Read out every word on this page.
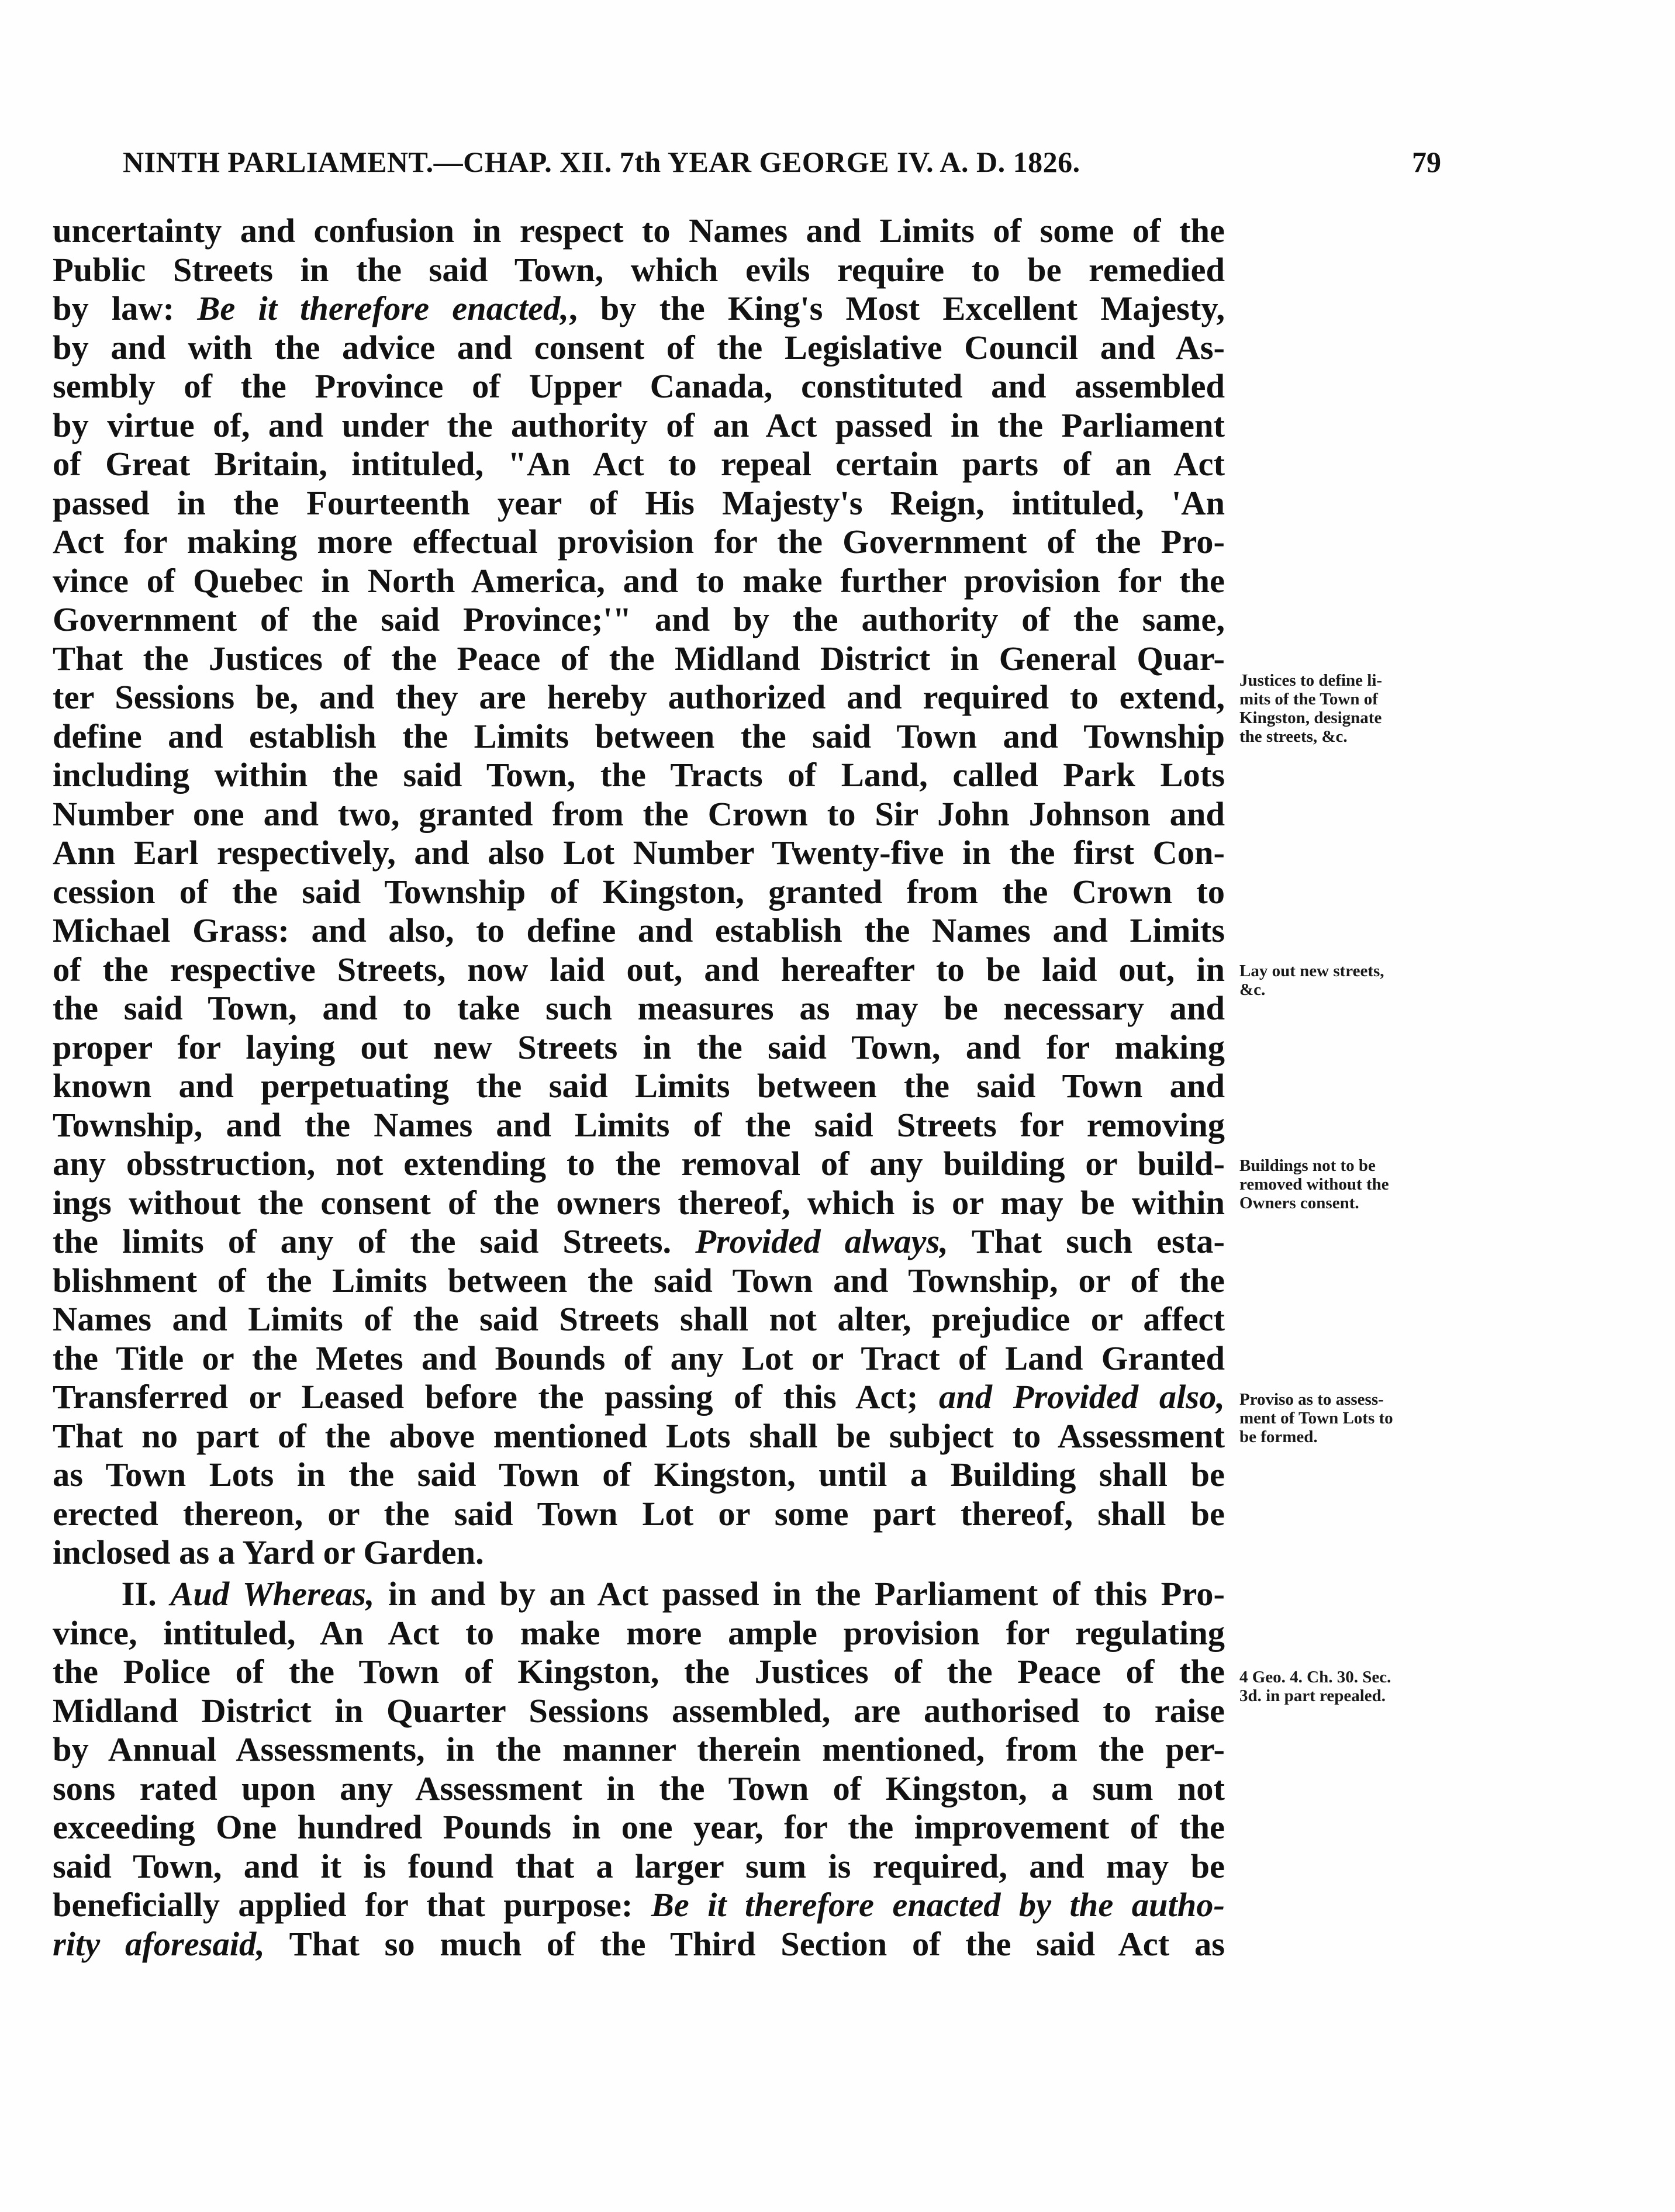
NINTH PARLIAMENT.—CHAP. XII. 7th YEAR GEORGE IV. A. D. 1826.	79
uncertainty and confusion in respect to Names and Limits of some of the
Public Streets in the said Town, which evils require to be remedied
by law: Be it therefore enacted,, by the King's Most Excellent Majesty,
by and with the advice and consent of the Legislative Council and As-
sembly of the Province of Upper Canada, constituted and assembled
by virtue of, and under the authority of an Act passed in the Parliament
of Great Britain, intituled, "An Act to repeal certain parts of an Act
passed in the Fourteenth year of His Majesty's Reign, intituled, 'An
Act for making more effectual provision for the Government of the Pro-
vince of Quebec in North America, and to make further provision for the
Government of the said Province;'" and by the authority of the same,
That the Justices of the Peace of the Midland District in General Quar-
ter Sessions be, and they are hereby authorized and required to extend,
define and establish the Limits between the said Town and Township
including within the said Town, the Tracts of Land, called Park Lots
Number one and two, granted from the Crown to Sir John Johnson and
Ann Earl respectively, and also Lot Number Twenty-five in the first Con-
cession of the said Township of Kingston, granted from the Crown to
Michael Grass: and also, to define and establish the Names and Limits
of the respective Streets, now laid out, and hereafter to be laid out, in
the said Town, and to take such measures as may be necessary and
proper for laying out new Streets in the said Town, and for making
known and perpetuating the said Limits between the said Town and
Township, and the Names and Limits of the said Streets for removing
any obsstruction, not extending to the removal of any building or build-
ings without the consent of the owners thereof, which is or may be within
the limits of any of the said Streets. Provided always, That such esta-
blishment of the Limits between the said Town and Township, or of the
Names and Limits of the said Streets shall not alter, prejudice or affect
the Title or the Metes and Bounds of any Lot or Tract of Land Granted
Transferred or Leased before the passing of this Act; and Provided also,
That no part of the above mentioned Lots shall be subject to Assessment
as Town Lots in the said Town of Kingston, until a Building shall be
erected thereon, or the said Town Lot or some part thereof, shall be
inclosed as a Yard or Garden.
II. Aud Whereas, in and by an Act passed in the Parliament of this Pro-
vince, intituled, An Act to make more ample provision for regulating
the Police of the Town of Kingston, the Justices of the Peace of the
Midland District in Quarter Sessions assembled, are authorised to raise
by Annual Assessments, in the manner therein mentioned, from the per-
sons rated upon any Assessment in the Town of Kingston, a sum not
exceeding One hundred Pounds in one year, for the improvement of the
said Town, and it is found that a larger sum is required, and may be
beneficially applied for that purpose: Be it therefore enacted by the autho-
rity aforesaid, That so much of the Third Section of the said Act as
Justices to define li-
mits of the Town of
Kingston, designate
the streets, &c.
Lay out new streets,
&c.
Buildings not to be
removed without the
Owners consent.
Proviso as to assess-
ment of Town Lots to
be formed.
4 Geo. 4. Ch. 30. Sec.
3d. in part repealed.
